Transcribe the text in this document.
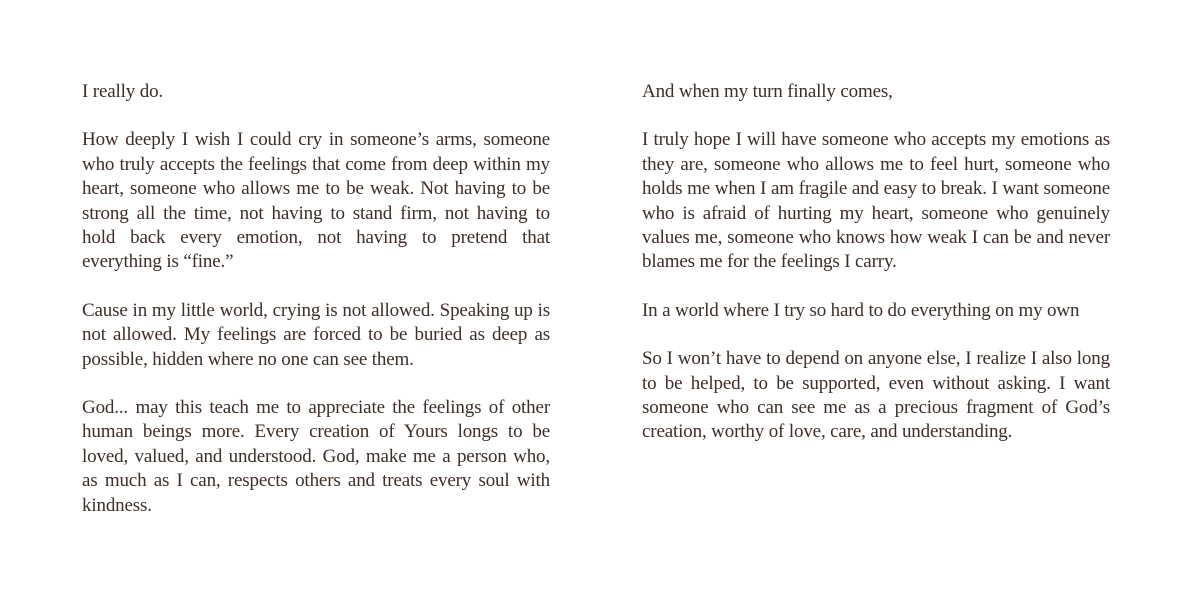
I really do.

How deeply I wish I could cry in someone’s arms, someone who truly accepts the feelings that come from deep within my heart, someone who allows me to be weak. Not having to be strong all the time, not having to stand firm, not having to hold back every emotion, not having to pretend that everything is “fine.”

Cause in my little world, crying is not allowed. Speaking up is not allowed. My feelings are forced to be buried as deep as possible, hidden where no one can see them.

God... may this teach me to appreciate the feelings of other human beings more. Every creation of Yours longs to be loved, valued, and understood. God, make me a person who, as much as I can, respects others and treats every soul with kindness.

And when my turn finally comes,

I truly hope I will have someone who accepts my emotions as they are, someone who allows me to feel hurt, someone who holds me when I am fragile and easy to break. I want someone who is afraid of hurting my heart, someone who genuinely values me, someone who knows how weak I can be and never blames me for the feelings I carry.

In a world where I try so hard to do everything on my own

So I won’t have to depend on anyone else, I realize I also long to be helped, to be supported, even without asking. I want someone who can see me as a precious fragment of God’s creation, worthy of love, care, and understanding.
